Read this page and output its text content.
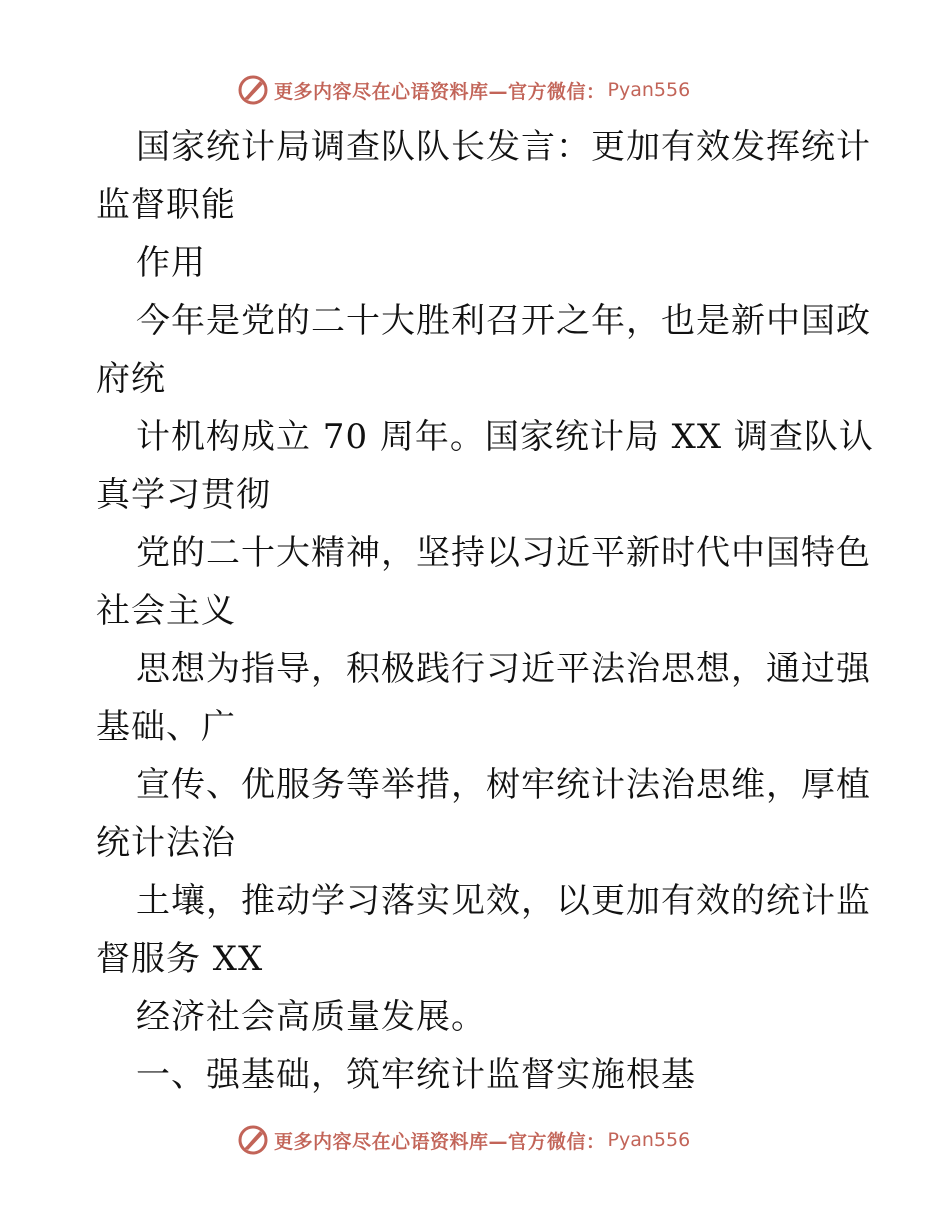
更多内容尽在心语资料库—官方微信： Pyan556
国家统计局调查队队长发言：更加有效发挥统计
监督职能
作用
今年是党的二十大胜利召开之年，也是新中国政
府统
计机构成立 70 周年。国家统计局 XX 调查队认
真学习贯彻
党的二十大精神，坚持以习近平新时代中国特色
社会主义
思想为指导，积极践行习近平法治思想，通过强
基础、广
宣传、优服务等举措，树牢统计法治思维，厚植
统计法治
土壤，推动学习落实见效，以更加有效的统计监
督服务 XX
经济社会高质量发展。
一、强基础，筑牢统计监督实施根基
更多内容尽在心语资料库—官方微信： Pyan556
